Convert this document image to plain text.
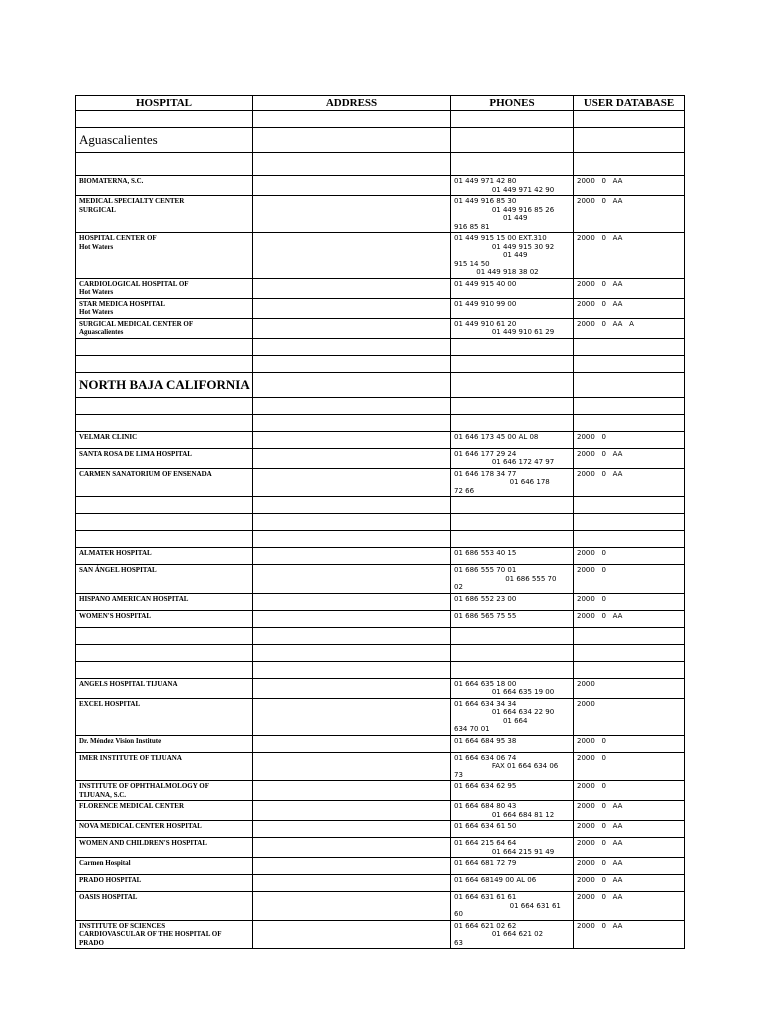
HOSPITAL	ADDRESS	PHONES	USER DATABASE

Aguascalientes			

BIOMATERNA, S.C.		01 449 971 42 80
01 449 971 42 90	2000   0   AA
MEDICAL SPECIALTY CENTER
SURGICAL		01 449 916 85 30
01 449 916 85 26
01 449
916 85 81	2000   0   AA
HOSPITAL CENTER OF
Hot Waters		01 449 915 15 00 EXT.310
01 449 915 30 92
01 449
915 14 50
01 449 918 38 02	2000   0   AA
CARDIOLOGICAL HOSPITAL OF
Hot Waters		01 449 915 40 00	2000   0   AA
STAR MEDICA HOSPITAL
Hot Waters		01 449 910 99 00	2000   0   AA
SURGICAL MEDICAL CENTER OF
Aguascalientes		01 449 910 61 20
01 449 910 61 29	2000   0   AA   A

NORTH BAJA CALIFORNIA			

VELMAR CLINIC		01 646 173 45 00 AL 08	2000   0
SANTA ROSA DE LIMA HOSPITAL		01 646 177 29 24
01 646 172 47 97	2000   0   AA
CARMEN SANATORIUM OF ENSENADA		01 646 178 34 77
01 646 178
72 66	2000   0   AA

ALMATER HOSPITAL		01 686 553 40 15	2000   0
SAN ÁNGEL HOSPITAL		01 686 555 70 01
01 686 555 70
02	2000   0
HISPANO AMERICAN HOSPITAL		01 686 552 23 00	2000   0
WOMEN'S HOSPITAL		01 686 565 75 55	2000   0   AA

ANGELS HOSPITAL TIJUANA		01 664 635 18 00
01 664 635 19 00	2000
EXCEL HOSPITAL		01 664 634 34 34
01 664 634 22 90
01 664
634 70 01	2000
Dr. Méndez Vision Institute		01 664 684 95 38	2000   0
IMER INSTITUTE OF TIJUANA		01 664 634 06 74
FAX 01 664 634 06
73	2000   0
INSTITUTE OF OPHTHALMOLOGY OF
TIJUANA, S.C.		01 664 634 62 95	2000   0
FLORENCE MEDICAL CENTER		01 664 684 80 43
01 664 684 81 12	2000   0   AA
NOVA MEDICAL CENTER HOSPITAL		01 664 634 61 50	2000   0   AA
WOMEN AND CHILDREN'S HOSPITAL		01 664 215 64 64
01 664 215 91 49	2000   0   AA
Carmen Hospital		01 664 681 72 79	2000   0   AA
PRADO HOSPITAL		01 664 68149 00 AL 06	2000   0   AA
OASIS HOSPITAL		01 664 631 61 61
01 664 631 61
60	2000   0   AA
INSTITUTE OF SCIENCES
CARDIOVASCULAR OF THE HOSPITAL OF
PRADO		01 664 621 02 62
01 664 621 02
63	2000   0   AA
